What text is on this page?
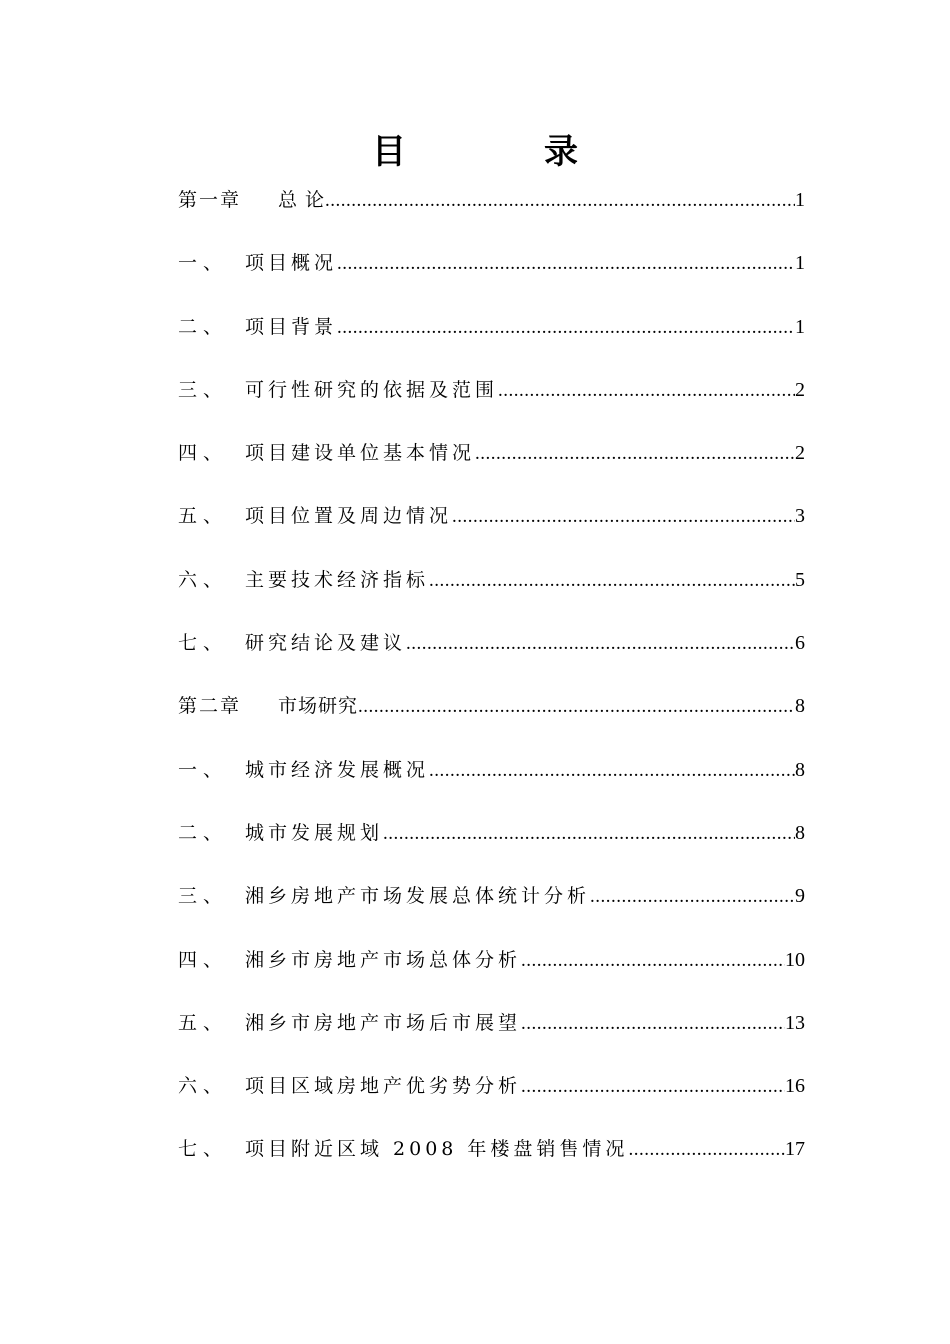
目　录
第一章	总 论 .....	1
一、 项目概况 .....	1
二、 项目背景 .....	1
三、 可行性研究的依据及范围 .....	2
四、 项目建设单位基本情况 .....	2
五、 项目位置及周边情况 .....	3
六、 主要技术经济指标 .....	5
七、 研究结论及建议 .....	6
第二章	市场研究 .....	8
一、 城市经济发展概况 .....	8
二、 城市发展规划 .....	8
三、 湘乡房地产市场发展总体统计分析 .....	9
四、 湘乡市房地产市场总体分析 .....	10
五、 湘乡市房地产市场后市展望 .....	13
六、 项目区域房地产优劣势分析 .....	16
七、 项目附近区域 2008 年楼盘销售情况 .....	17
